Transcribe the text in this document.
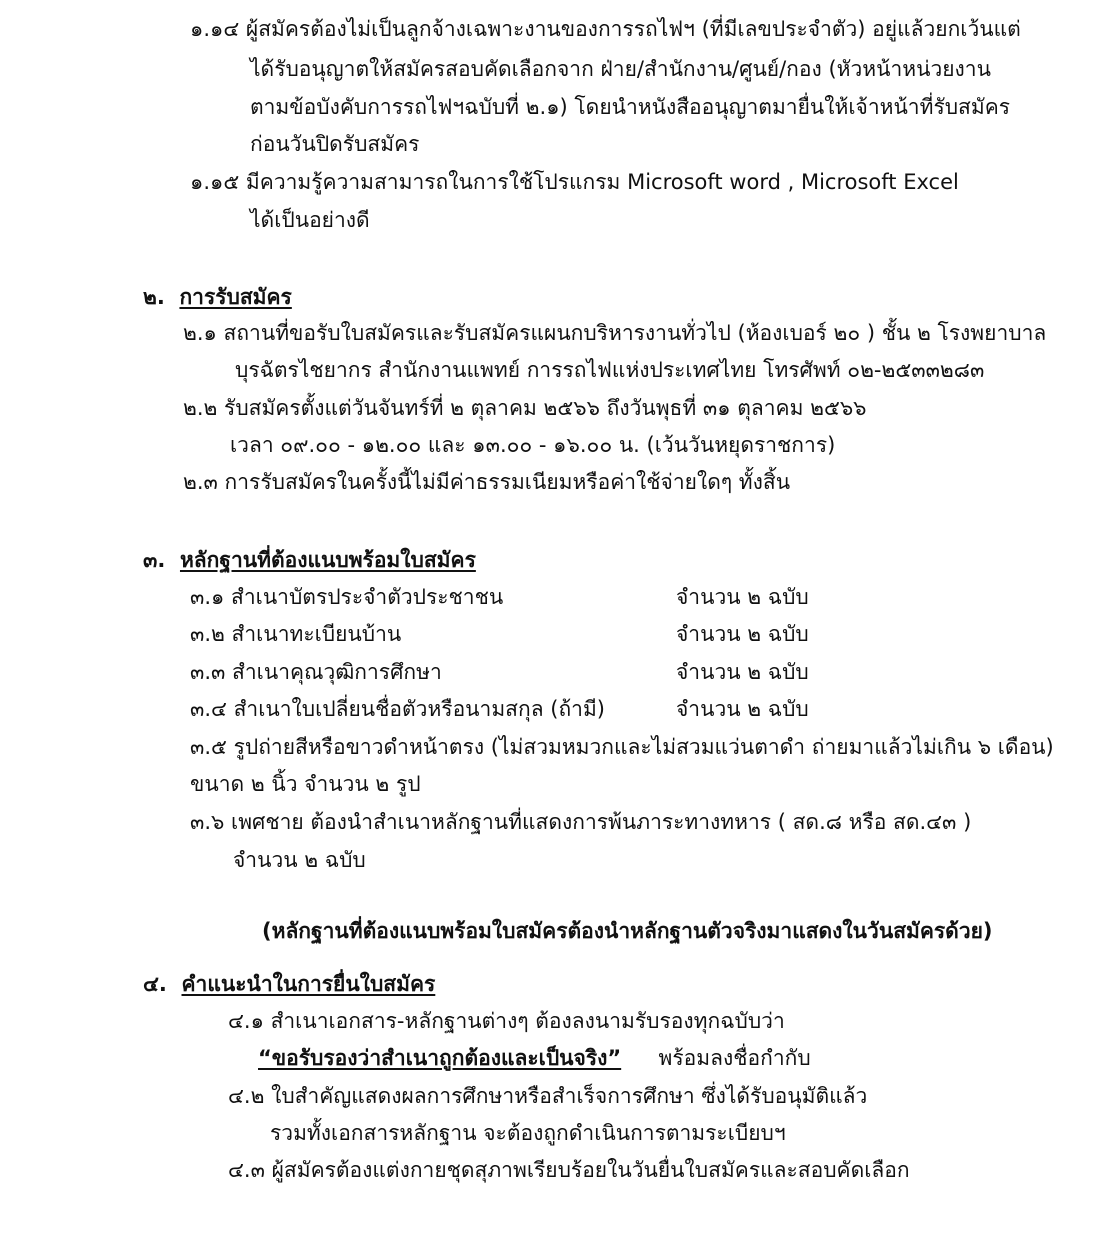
๑.๑๔ ผู้สมัครต้องไม่เป็นลูกจ้างเฉพาะงานของการรถไฟฯ (ที่มีเลขประจำตัว) อยู่แล้วยกเว้นแต่
ได้รับอนุญาตให้สมัครสอบคัดเลือกจาก ฝ่าย/สำนักงาน/ศูนย์/กอง (หัวหน้าหน่วยงาน
ตามข้อบังคับการรถไฟฯฉบับที่ ๒.๑) โดยนำหนังสืออนุญาตมายื่นให้เจ้าหน้าที่รับสมัคร
ก่อนวันปิดรับสมัคร
๑.๑๕ มีความรู้ความสามารถในการใช้โปรแกรม Microsoft word , Microsoft Excel
ได้เป็นอย่างดี
๒. การรับสมัคร
๒.๑ สถานที่ขอรับใบสมัครและรับสมัครแผนกบริหารงานทั่วไป (ห้องเบอร์ ๒๐ ) ชั้น ๒ โรงพยาบาล
บุรฉัตรไชยากร สำนักงานแพทย์ การรถไฟแห่งประเทศไทย โทรศัพท์ ๐๒-๒๕๓๓๒๘๓
๒.๒ รับสมัครตั้งแต่วันจันทร์ที่ ๒ ตุลาคม ๒๕๖๖ ถึงวันพุธที่ ๓๑ ตุลาคม ๒๕๖๖
เวลา ๐๙.๐๐ - ๑๒.๐๐ และ ๑๓.๐๐ - ๑๖.๐๐ น. (เว้นวันหยุดราชการ)
๒.๓ การรับสมัครในครั้งนี้ไม่มีค่าธรรมเนียมหรือค่าใช้จ่ายใดๆ ทั้งสิ้น
๓. หลักฐานที่ต้องแนบพร้อมใบสมัคร
๓.๑ สำเนาบัตรประจำตัวประชาชน	จำนวน ๒ ฉบับ
๓.๒ สำเนาทะเบียนบ้าน	จำนวน ๒ ฉบับ
๓.๓ สำเนาคุณวุฒิการศึกษา	จำนวน ๒ ฉบับ
๓.๔ สำเนาใบเปลี่ยนชื่อตัวหรือนามสกุล (ถ้ามี)	จำนวน ๒ ฉบับ
๓.๕ รูปถ่ายสีหรือขาวดำหน้าตรง (ไม่สวมหมวกและไม่สวมแว่นตาดำ ถ่ายมาแล้วไม่เกิน ๖ เดือน)
ขนาด ๒ นิ้ว จำนวน ๒ รูป
๓.๖ เพศชาย ต้องนำสำเนาหลักฐานที่แสดงการพ้นภาระทางทหาร ( สด.๘ หรือ สด.๔๓ )
จำนวน ๒ ฉบับ
(หลักฐานที่ต้องแนบพร้อมใบสมัครต้องนำหลักฐานตัวจริงมาแสดงในวันสมัครด้วย)
๔. คำแนะนำในการยื่นใบสมัคร
๔.๑ สำเนาเอกสาร-หลักฐานต่างๆ ต้องลงนามรับรองทุกฉบับว่า
“ขอรับรองว่าสำเนาถูกต้องและเป็นจริง” พร้อมลงชื่อกำกับ
๔.๒ ใบสำคัญแสดงผลการศึกษาหรือสำเร็จการศึกษา ซึ่งได้รับอนุมัติแล้ว
รวมทั้งเอกสารหลักฐาน จะต้องถูกดำเนินการตามระเบียบฯ
๔.๓ ผู้สมัครต้องแต่งกายชุดสุภาพเรียบร้อยในวันยื่นใบสมัครและสอบคัดเลือก
